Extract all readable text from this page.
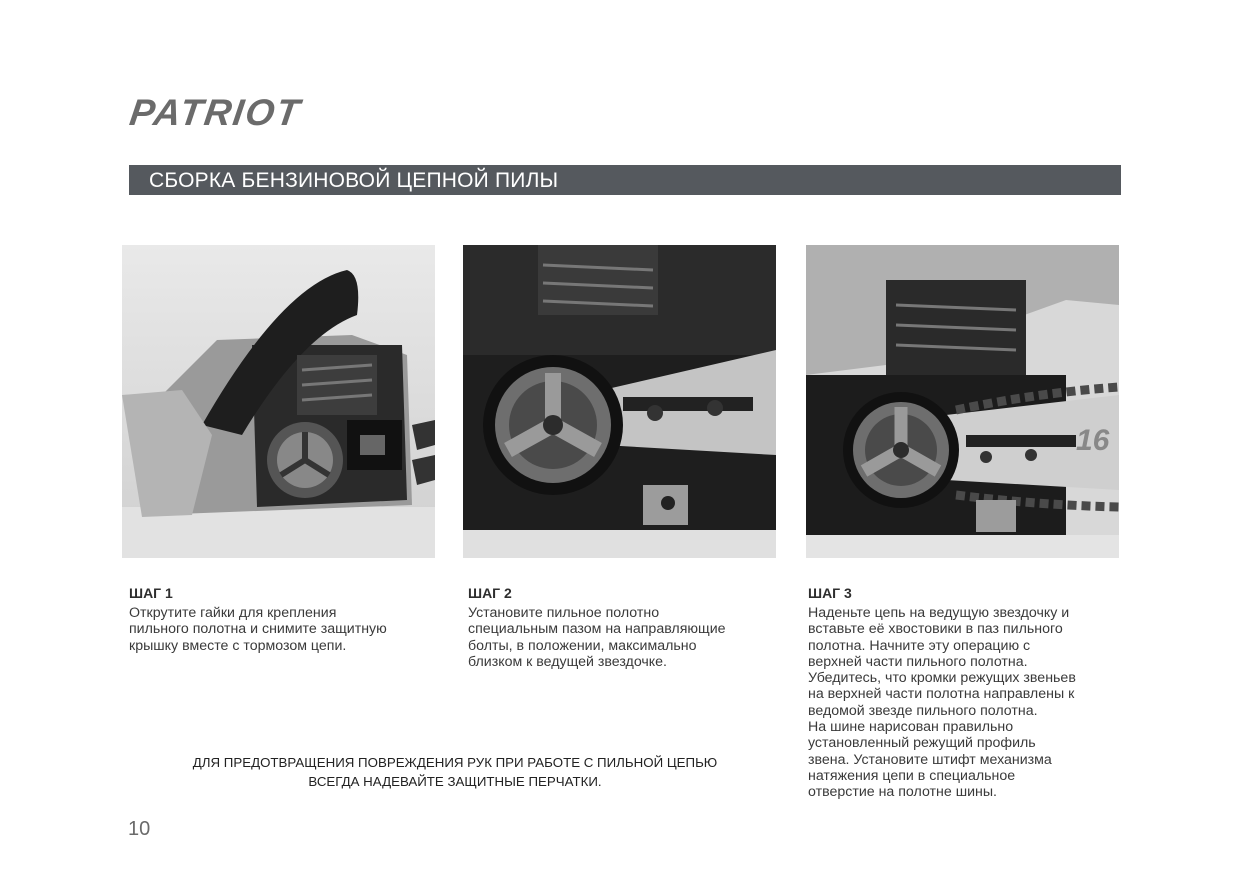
PATRIOT
СБОРКА БЕНЗИНОВОЙ ЦЕПНОЙ ПИЛЫ
16
ШАГ 1
Открутите гайки для крепления
пильного полотна и снимите защитную
крышку вместе с тормозом цепи.
ШАГ 2
Установите пильное полотно
специальным пазом на направляющие
болты, в положении, максимально
близком к ведущей звездочке.
ШАГ 3
Наденьте цепь на ведущую звездочку и
вставьте её хвостовики в паз пильного
полотна. Начните эту операцию с
верхней части пильного полотна.
Убедитесь, что кромки режущих звеньев
на верхней части полотна направлены к
ведомой звезде пильного полотна.
На шине нарисован правильно
установленный режущий профиль
звена. Установите штифт механизма
натяжения цепи в специальное
отверстие на полотне шины.
ДЛЯ ПРЕДОТВРАЩЕНИЯ ПОВРЕЖДЕНИЯ РУК ПРИ РАБОТЕ С ПИЛЬНОЙ ЦЕПЬЮ
ВСЕГДА НАДЕВАЙТЕ ЗАЩИТНЫЕ ПЕРЧАТКИ.
10
